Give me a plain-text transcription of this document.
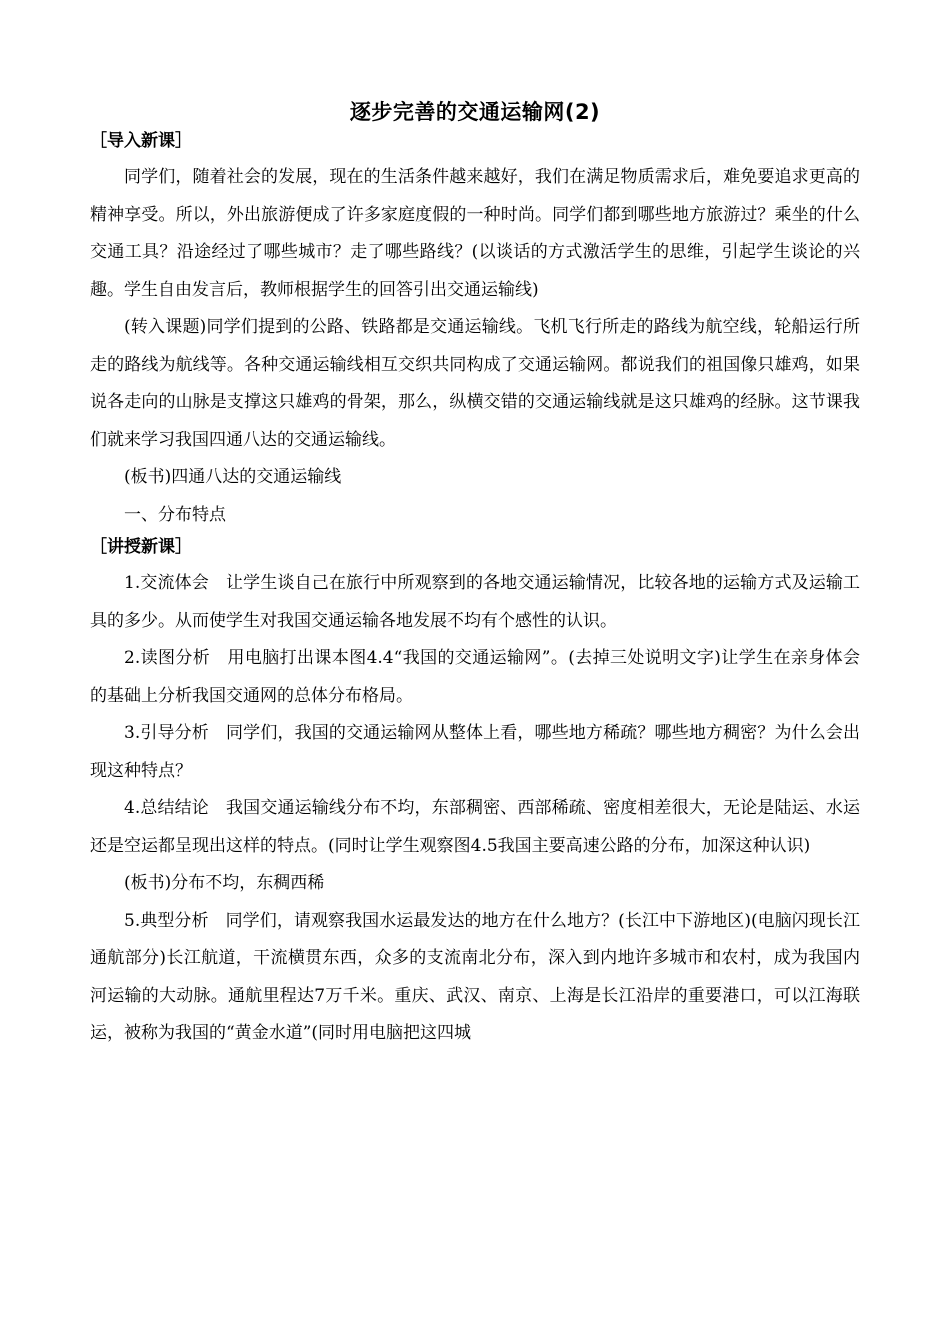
逐步完善的交通运输网(2)
［导入新课］

同学们，随着社会的发展，现在的生活条件越来越好，我们在满足物质需求后，难免要追求更高的精神享受。所以，外出旅游便成了许多家庭度假的一种时尚。同学们都到哪些地方旅游过？乘坐的什么交通工具？沿途经过了哪些城市？走了哪些路线？(以谈话的方式激活学生的思维，引起学生谈论的兴趣。学生自由发言后，教师根据学生的回答引出交通运输线)

(转入课题)同学们提到的公路、铁路都是交通运输线。飞机飞行所走的路线为航空线，轮船运行所走的路线为航线等。各种交通运输线相互交织共同构成了交通运输网。都说我们的祖国像只雄鸡，如果说各走向的山脉是支撑这只雄鸡的骨架，那么，纵横交错的交通运输线就是这只雄鸡的经脉。这节课我们就来学习我国四通八达的交通运输线。

(板书)四通八达的交通运输线

一、分布特点

［讲授新课］

1.交流体会　让学生谈自己在旅行中所观察到的各地交通运输情况，比较各地的运输方式及运输工具的多少。从而使学生对我国交通运输各地发展不均有个感性的认识。

2.读图分析　用电脑打出课本图4.4“我国的交通运输网”。(去掉三处说明文字)让学生在亲身体会的基础上分析我国交通网的总体分布格局。

3.引导分析　同学们，我国的交通运输网从整体上看，哪些地方稀疏？哪些地方稠密？为什么会出现这种特点？

4.总结结论　我国交通运输线分布不均，东部稠密、西部稀疏、密度相差很大，无论是陆运、水运还是空运都呈现出这样的特点。(同时让学生观察图4.5我国主要高速公路的分布，加深这种认识)

(板书)分布不均，东稠西稀

5.典型分析　同学们，请观察我国水运最发达的地方在什么地方？(长江中下游地区)(电脑闪现长江通航部分)长江航道，干流横贯东西，众多的支流南北分布，深入到内地许多城市和农村，成为我国内河运输的大动脉。通航里程达7万千米。重庆、武汉、南京、上海是长江沿岸的重要港口，可以江海联运，被称为我国的“黄金水道”(同时用电脑把这四城
